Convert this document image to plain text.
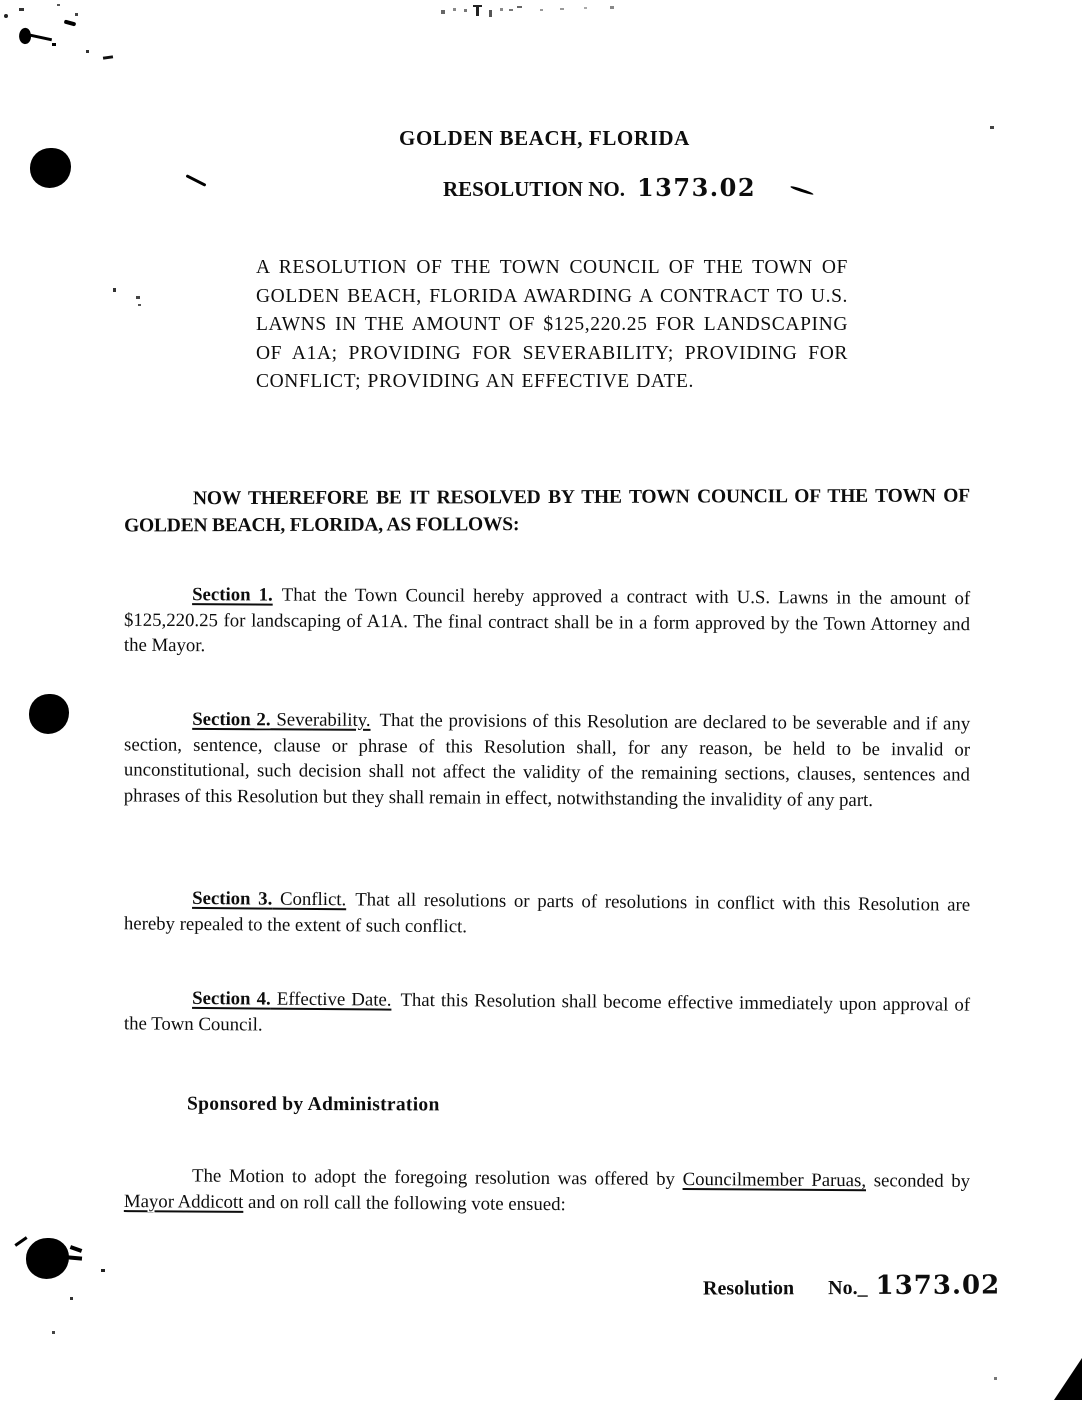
GOLDEN BEACH, FLORIDA
RESOLUTION NO. 1373.02
A RESOLUTION OF THE TOWN COUNCIL OF THE TOWN OF GOLDEN BEACH, FLORIDA AWARDING A CONTRACT TO U.S. LAWNS IN THE AMOUNT OF $125,220.25 FOR LANDSCAPING OF A1A; PROVIDING FOR SEVERABILITY; PROVIDING FOR CONFLICT; PROVIDING AN EFFECTIVE DATE.
NOW THEREFORE BE IT RESOLVED BY THE TOWN COUNCIL OF THE TOWN OF GOLDEN BEACH, FLORIDA, AS FOLLOWS:

Section 1. That the Town Council hereby approved a contract with U.S. Lawns in the amount of $125,220.25 for landscaping of A1A. The final contract shall be in a form approved by the Town Attorney and the Mayor.

Section 2. Severability. That the provisions of this Resolution are declared to be severable and if any section, sentence, clause or phrase of this Resolution shall, for any reason, be held to be invalid or unconstitutional, such decision shall not affect the validity of the remaining sections, clauses, sentences and phrases of this Resolution but they shall remain in effect, notwithstanding the invalidity of any part.

Section 3. Conflict. That all resolutions or parts of resolutions in conflict with this Resolution are hereby repealed to the extent of such conflict.

Section 4. Effective Date. That this Resolution shall become effective immediately upon approval of the Town Council.

Sponsored by Administration

The Motion to adopt the foregoing resolution was offered by Councilmember Paruas, seconded by Mayor Addicott and on roll call the following vote ensued:

Resolution No._ 1373.02
